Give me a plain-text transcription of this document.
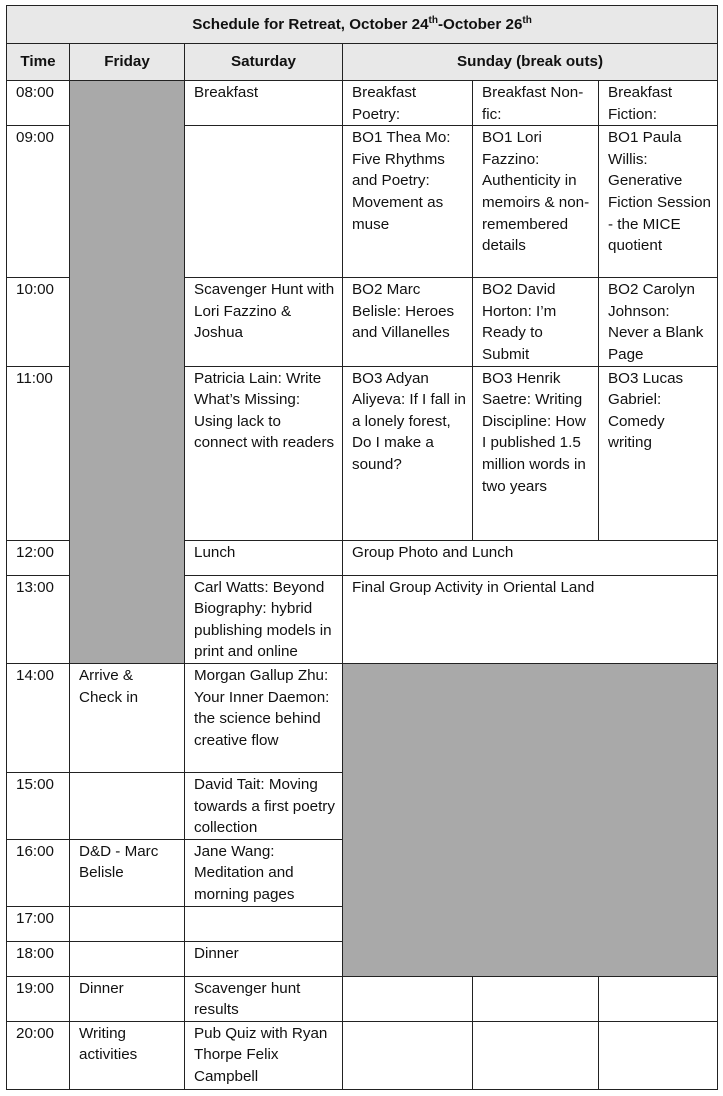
Schedule for Retreat, October 24th-October 26th
Time	Friday	Saturday	Sunday (break outs)		
08:00		Breakfast	Breakfast Poetry:	Breakfast Non-fic:	Breakfast Fiction:
09:00			BO1 Thea Mo: Five Rhythms and Poetry: Movement as muse	BO1 Lori Fazzino: Authenticity in memoirs & non-remembered details	BO1 Paula Willis: Generative Fiction Session - the MICE quotient
10:00		Scavenger Hunt with Lori Fazzino & Joshua	BO2 Marc Belisle: Heroes and Villanelles	BO2 David Horton: I’m Ready to Submit	BO2 Carolyn Johnson: Never a Blank Page
11:00		Patricia Lain: Write What’s Missing: Using lack to connect with readers	BO3 Adyan Aliyeva: If I fall in a lonely forest, Do I make a sound?	BO3 Henrik Saetre: Writing Discipline: How I published 1.5 million words in two years	BO3 Lucas Gabriel: Comedy writing
12:00		Lunch	Group Photo and Lunch		
13:00		Carl Watts: Beyond Biography: hybrid publishing models in print and online	Final Group Activity in Oriental Land		
14:00	Arrive & Check in	Morgan Gallup Zhu: Your Inner Daemon: the science behind creative flow			
15:00		David Tait: Moving towards a first poetry collection			
16:00	D&D - Marc Belisle	Jane Wang: Meditation and morning pages			
17:00					
18:00		Dinner			
19:00	Dinner	Scavenger hunt results			
20:00	Writing activities	Pub Quiz with Ryan Thorpe Felix Campbell			
